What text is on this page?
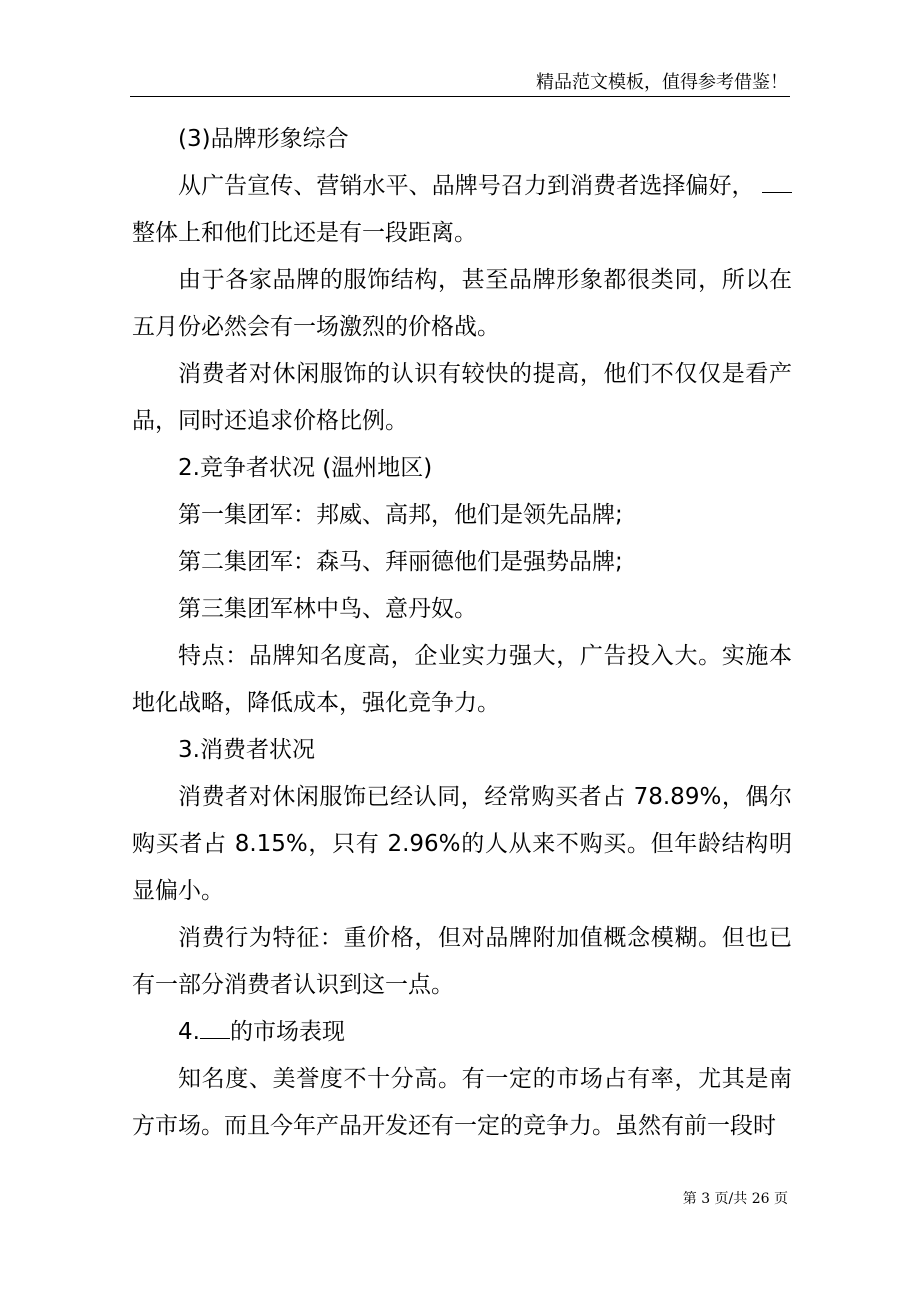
精品范文模板，值得参考借鉴！

(3)品牌形象综合

从广告宣传、营销水平、品牌号召力到消费者选择偏好， 整体上和他们比还是有一段距离。

由于各家品牌的服饰结构，甚至品牌形象都很类同，所以在五月份必然会有一场激烈的价格战。

消费者对休闲服饰的认识有较快的提高，他们不仅仅是看产品，同时还追求价格比例。

2.竞争者状况 (温州地区)

第一集团军：邦威、高邦，他们是领先品牌;

第二集团军：森马、拜丽德他们是强势品牌;

第三集团军林中鸟、意丹奴。

特点：品牌知名度高，企业实力强大，广告投入大。实施本地化战略，降低成本，强化竞争力。

3.消费者状况

消费者对休闲服饰已经认同，经常购买者占 78.89%，偶尔购买者占 8.15%，只有 2.96%的人从来不购买。但年龄结构明显偏小。

消费行为特征：重价格，但对品牌附加值概念模糊。但也已有一部分消费者认识到这一点。

4. 的市场表现

知名度、美誉度不十分高。有一定的市场占有率，尤其是南方市场。而且今年产品开发还有一定的竞争力。虽然有前一段时

第 3 页/共 26 页
